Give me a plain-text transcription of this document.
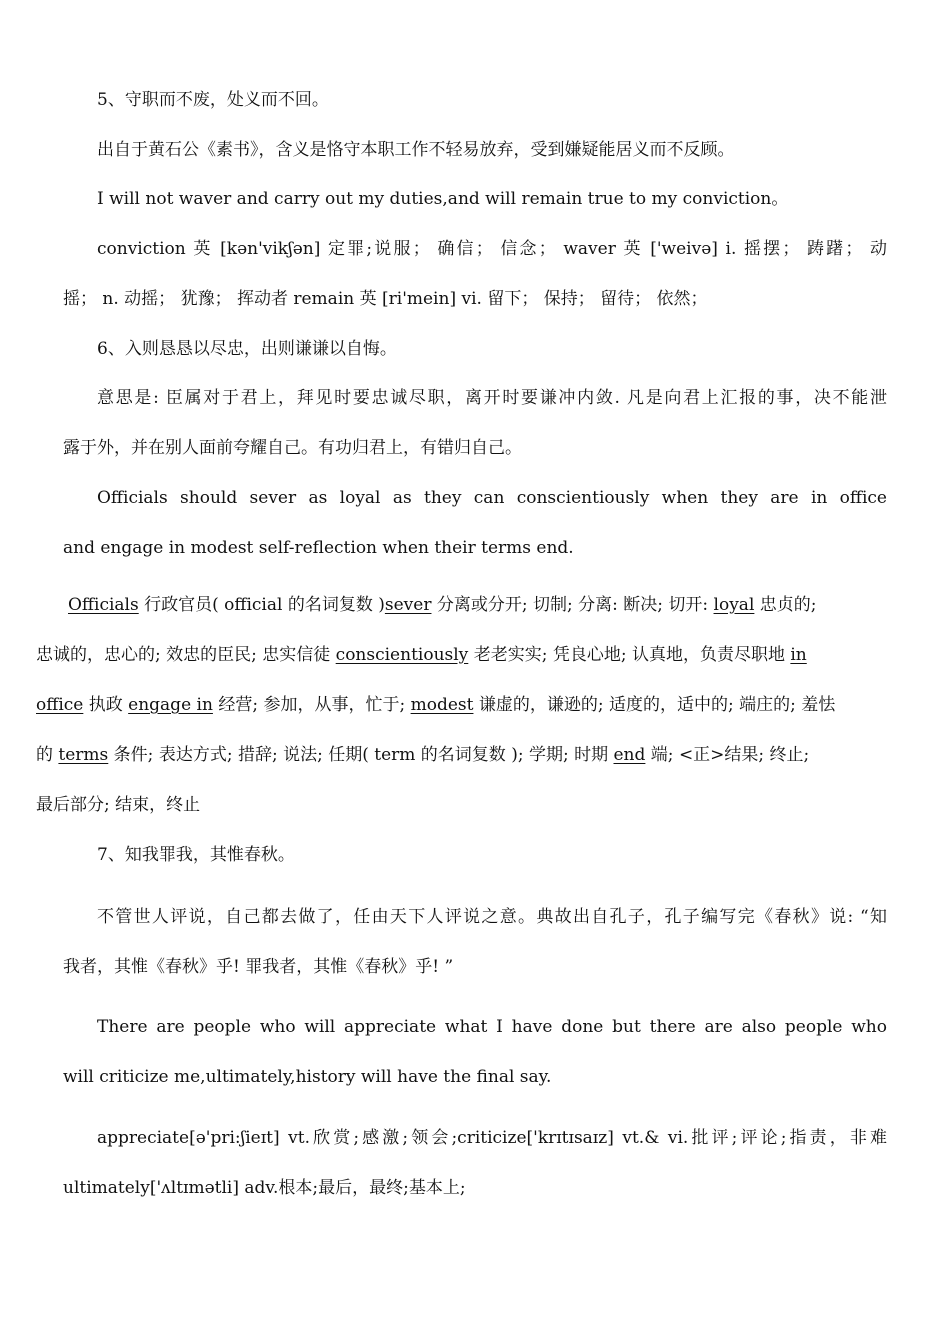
5、守职而不废，处义而不回。

出自于黄石公《素书》，含义是恪守本职工作不轻易放弃，受到嫌疑能居义而不反顾。

I will not waver and carry out my duties,and will remain true to my conviction。

conviction 英 [kən'vikʃən] 定罪;说服； 确信； 信念； waver 英 ['weivə] i. 摇摆； 踌躇； 动

摇； n. 动摇； 犹豫； 挥动者 remain 英 [ri'mein] vi. 留下； 保持； 留待； 依然；

6、入则恳恳以尽忠，出则谦谦以自悔。

意思是: 臣属对于君上，拜见时要忠诚尽职，离开时要谦冲内敛. 凡是向君上汇报的事，决不能泄

露于外，并在别人面前夸耀自己。有功归君上，有错归自己。

Officials should sever as loyal as they can conscientiously when they are in office

and engage in modest self-reflection when their terms end.

Officials 行政官员( official 的名词复数 )sever 分离或分开; 切制; 分离: 断决; 切开: loyal 忠贞的;

忠诚的，忠心的; 效忠的臣民; 忠实信徒 conscientiously 老老实实; 凭良心地; 认真地，负责尽职地 in

office 执政 engage in 经营; 参加，从事，忙于; modest 谦虚的，谦逊的; 适度的，适中的; 端庄的; 羞怯

的 terms 条件; 表达方式; 措辞; 说法; 任期( term 的名词复数 ); 学期; 时期 end 端; <正>结果; 终止;

最后部分; 结束，终止

7、知我罪我，其惟春秋。

不管世人评说，自己都去做了，任由天下人评说之意。典故出自孔子，孔子编写完《春秋》说: “知

我者，其惟《春秋》乎! 罪我者，其惟《春秋》乎! ”

There are people who will appreciate what I have done but there are also people who

will criticize me,ultimately,history will have the final say.

appreciate[ə'pri:ʃieɪt] vt.欣赏;感激;领会;criticize['krɪtɪsaɪz] vt.& vi.批评;评论;指责，非难

ultimately['ʌltɪmətli] adv.根本;最后，最终;基本上;
